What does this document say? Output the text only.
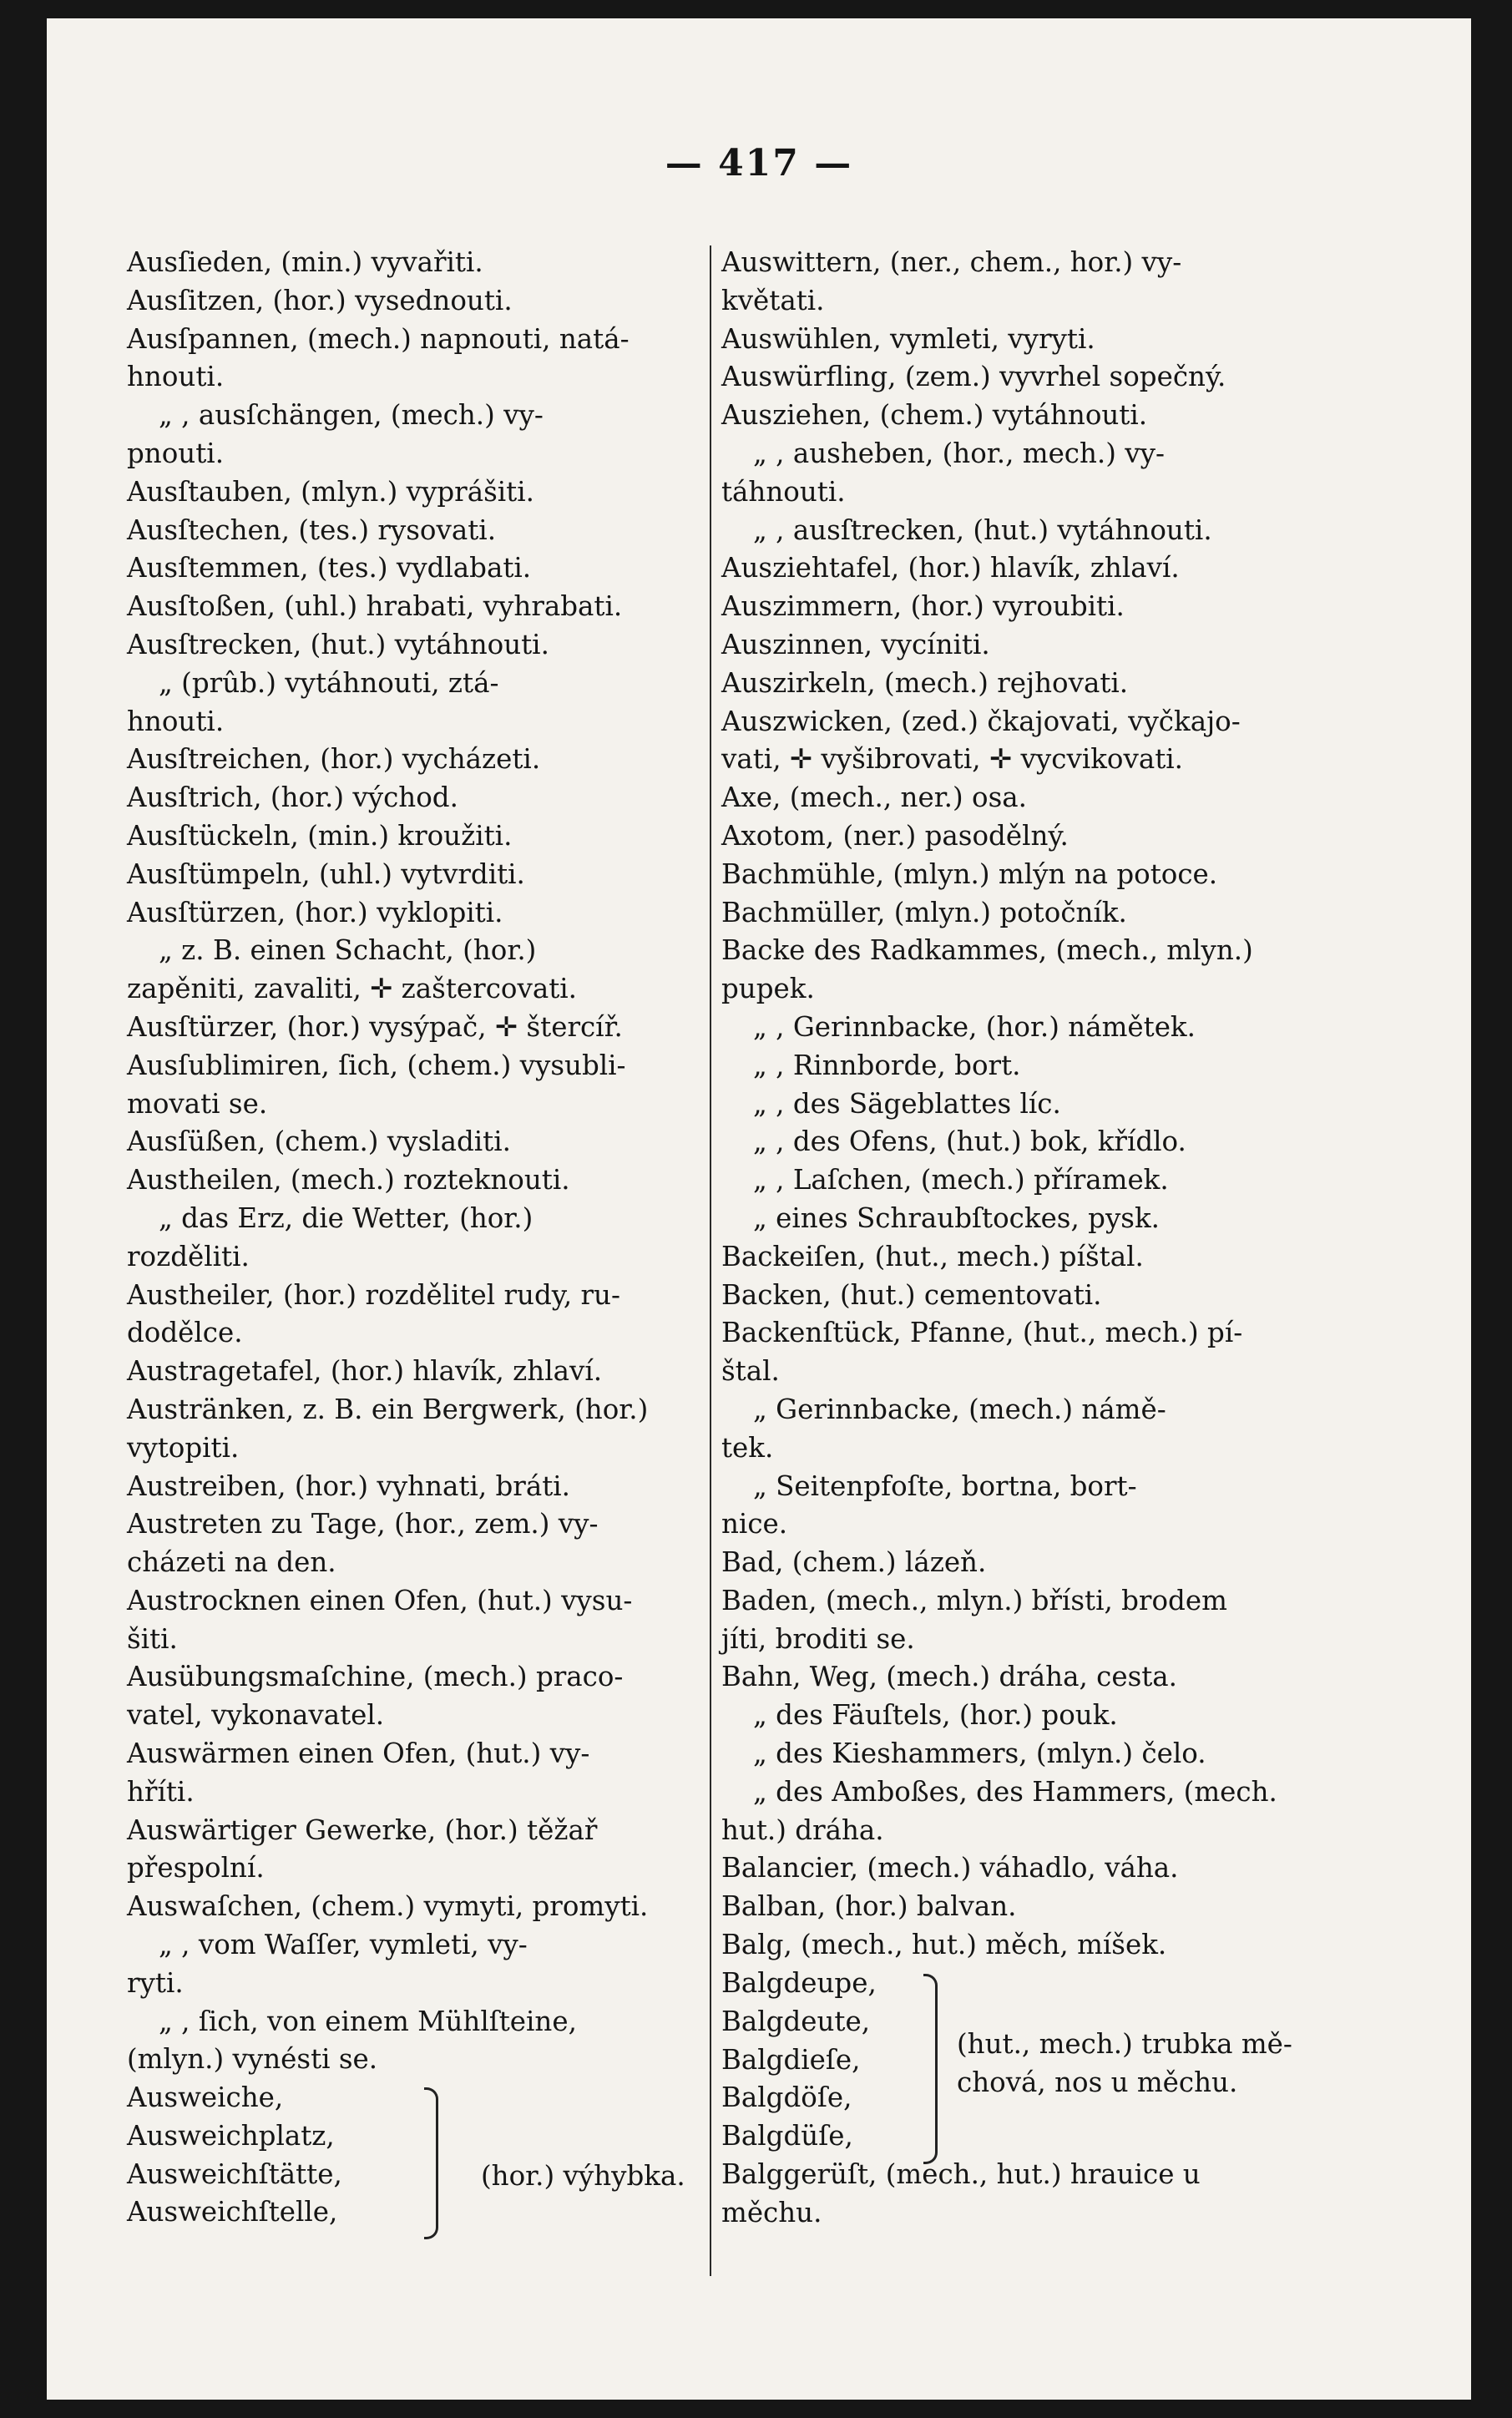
— 417 —
Ausſieden, (min.) vyvařiti.
Ausſitzen, (hor.) vysednouti.
Ausſpannen, (mech.) napnouti, natá-
hnouti.
„ , ausſchängen, (mech.) vy-
pnouti.
Ausſtauben, (mlyn.) vyprášiti.
Ausſtechen, (tes.) rysovati.
Ausſtemmen, (tes.) vydlabati.
Ausſtoßen, (uhl.) hrabati, vyhrabati.
Ausſtrecken, (hut.) vytáhnouti.
„ (prûb.) vytáhnouti, ztá-
hnouti.
Ausſtreichen, (hor.) vycházeti.
Ausſtrich, (hor.) východ.
Ausſtückeln, (min.) kroužiti.
Ausſtümpeln, (uhl.) vytvrditi.
Ausſtürzen, (hor.) vyklopiti.
„ z. B. einen Schacht, (hor.)
zapěniti, zavaliti, ✛ zaštercovati.
Ausſtürzer, (hor.) vysýpač, ✛ štercíř.
Ausſublimiren, ſich, (chem.) vysubli-
movati se.
Ausſüßen, (chem.) vysladiti.
Austheilen, (mech.) rozteknouti.
„ das Erz, die Wetter, (hor.)
rozděliti.
Austheiler, (hor.) rozdělitel rudy, ru-
dodělce.
Austragetafel, (hor.) hlavík, zhlaví.
Austränken, z. B. ein Bergwerk, (hor.)
vytopiti.
Austreiben, (hor.) vyhnati, bráti.
Austreten zu Tage, (hor., zem.) vy-
cházeti na den.
Austrocknen einen Ofen, (hut.) vysu-
šiti.
Ausübungsmaſchine, (mech.) praco-
vatel, vykonavatel.
Auswärmen einen Ofen, (hut.) vy-
hříti.
Auswärtiger Gewerke, (hor.) těžař
přespolní.
Auswaſchen, (chem.) vymyti, promyti.
„ , vom Waſſer, vymleti, vy-
ryti.
„ , ſich, von einem Mühlſteine,
(mlyn.) vynésti se.
Auswittern, (ner., chem., hor.) vy-
květati.
Auswühlen, vymleti, vyryti.
Auswürfling, (zem.) vyvrhel sopečný.
Ausziehen, (chem.) vytáhnouti.
„ , ausheben, (hor., mech.) vy-
táhnouti.
„ , ausſtrecken, (hut.) vytáhnouti.
Ausziehtafel, (hor.) hlavík, zhlaví.
Auszimmern, (hor.) vyroubiti.
Auszinnen, vycíniti.
Auszirkeln, (mech.) rejhovati.
Auszwicken, (zed.) čkajovati, vyčkajo-
vati, ✛ vyšibrovati, ✛ vycvikovati.
Axe, (mech., ner.) osa.
Axotom, (ner.) pasodělný.
Bachmühle, (mlyn.) mlýn na potoce.
Bachmüller, (mlyn.) potočník.
Backe des Radkammes, (mech., mlyn.)
pupek.
„ , Gerinnbacke, (hor.) námětek.
„ , Rinnborde, bort.
„ , des Sägeblattes líc.
„ , des Ofens, (hut.) bok, křídlo.
„ , Laſchen, (mech.) příramek.
„ eines Schraubſtockes, pysk.
Backeiſen, (hut., mech.) píštal.
Backen, (hut.) cementovati.
Backenſtück, Pfanne, (hut., mech.) pí-
štal.
„ Gerinnbacke, (mech.) námě-
tek.
„ Seitenpfoſte, bortna, bort-
nice.
Bad, (chem.) lázeň.
Baden, (mech., mlyn.) břísti, brodem
jíti, broditi se.
Bahn, Weg, (mech.) dráha, cesta.
„ des Fäuſtels, (hor.) pouk.
„ des Kieshammers, (mlyn.) čelo.
„ des Amboßes, des Hammers, (mech.
hut.) dráha.
Balancier, (mech.) váhadlo, váha.
Balban, (hor.) balvan.
Balg, (mech., hut.) měch, míšek.
Ausweiche,
Ausweichplatz,
Ausweichſtätte,
Ausweichſtelle,
(hor.) výhybka.
Balgdeupe,
Balgdeute,
Balgdieſe,
Balgdöſe,
Balgdüſe,
(hut., mech.) trubka mě-
chová, nos u měchu.
Balggerüſt, (mech., hut.) hrauice u
měchu.
